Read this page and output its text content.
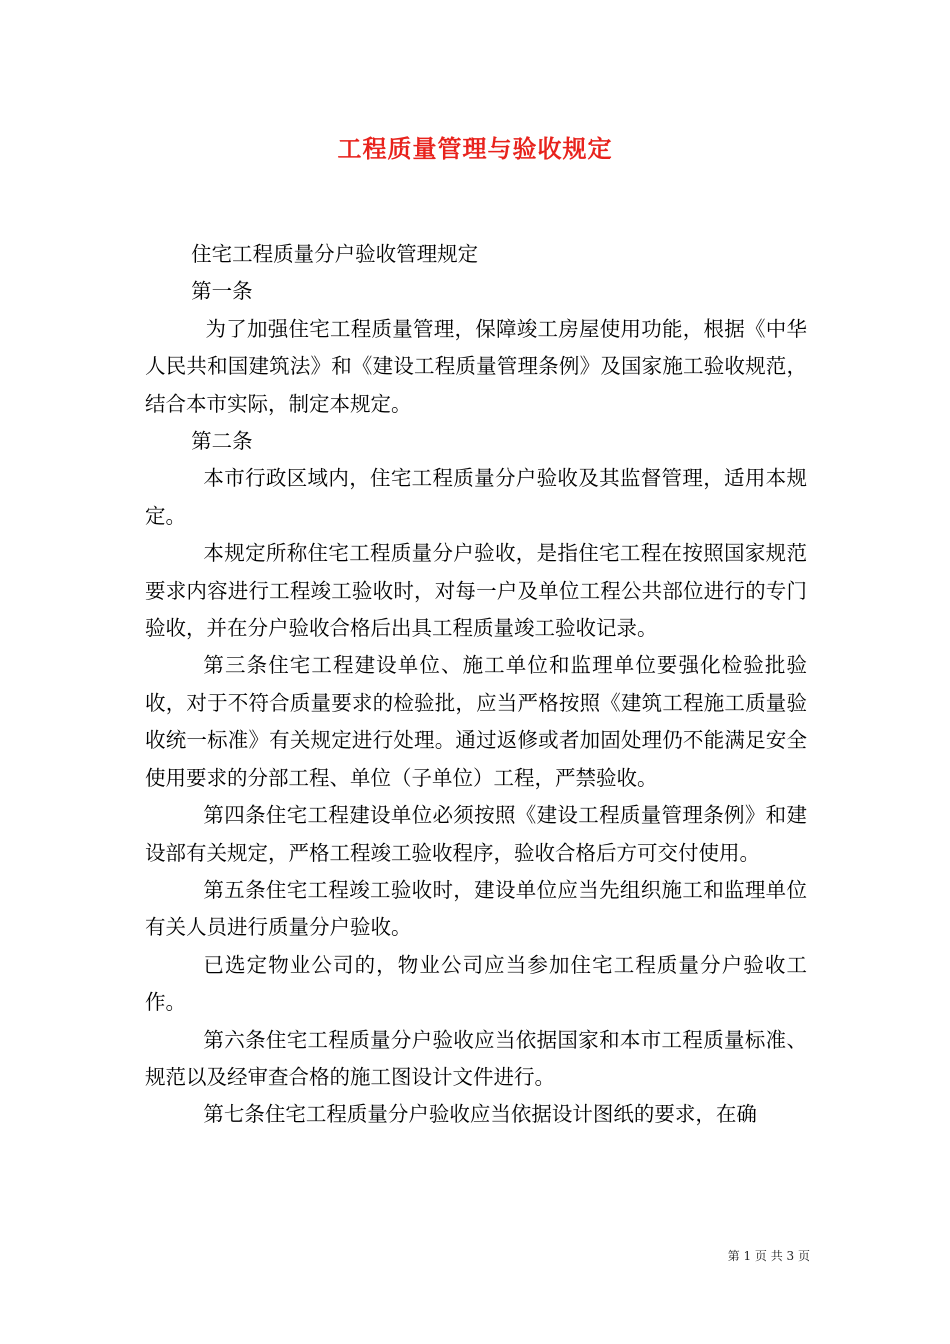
工程质量管理与验收规定

住宅工程质量分户验收管理规定

第一条

为了加强住宅工程质量管理，保障竣工房屋使用功能，根据《中华人民共和国建筑法》和《建设工程质量管理条例》及国家施工验收规范，结合本市实际，制定本规定。

第二条

本市行政区域内，住宅工程质量分户验收及其监督管理，适用本规定。

本规定所称住宅工程质量分户验收，是指住宅工程在按照国家规范要求内容进行工程竣工验收时，对每一户及单位工程公共部位进行的专门验收，并在分户验收合格后出具工程质量竣工验收记录。

第三条住宅工程建设单位、施工单位和监理单位要强化检验批验收，对于不符合质量要求的检验批，应当严格按照《建筑工程施工质量验收统一标准》有关规定进行处理。通过返修或者加固处理仍不能满足安全使用要求的分部工程、单位（子单位）工程，严禁验收。

第四条住宅工程建设单位必须按照《建设工程质量管理条例》和建设部有关规定，严格工程竣工验收程序，验收合格后方可交付使用。

第五条住宅工程竣工验收时，建设单位应当先组织施工和监理单位有关人员进行质量分户验收。

已选定物业公司的，物业公司应当参加住宅工程质量分户验收工作。

第六条住宅工程质量分户验收应当依据国家和本市工程质量标准、规范以及经审查合格的施工图设计文件进行。

第七条住宅工程质量分户验收应当依据设计图纸的要求，在确

第 1 页 共 3 页
